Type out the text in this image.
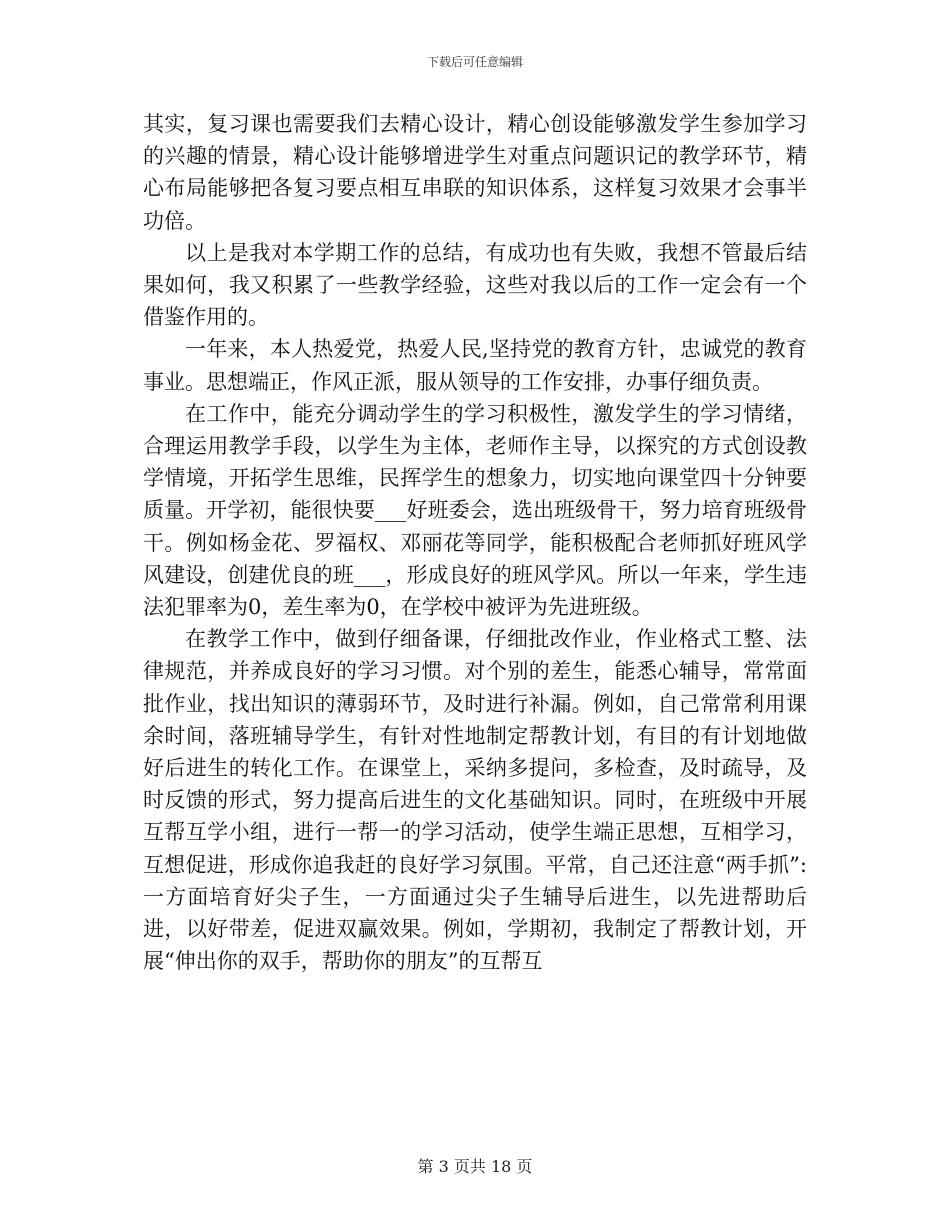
下载后可任意编辑

其实，复习课也需要我们去精心设计，精心创设能够激发学生参加学习的兴趣的情景，精心设计能够增进学生对重点问题识记的教学环节，精心布局能够把各复习要点相互串联的知识体系，这样复习效果才会事半功倍。

以上是我对本学期工作的总结，有成功也有失败，我想不管最后结果如何，我又积累了一些教学经验，这些对我以后的工作一定会有一个借鉴作用的。

一年来，本人热爱党，热爱人民,坚持党的教育方针，忠诚党的教育事业。思想端正，作风正派，服从领导的工作安排，办事仔细负责。

在工作中，能充分调动学生的学习积极性，激发学生的学习情绪，合理运用教学手段，以学生为主体，老师作主导，以探究的方式创设教学情境，开拓学生思维，民挥学生的想象力，切实地向课堂四十分钟要质量。开学初，能很快要___好班委会，选出班级骨干，努力培育班级骨干。例如杨金花、罗福权、邓丽花等同学，能积极配合老师抓好班风学风建设，创建优良的班___，形成良好的班风学风。所以一年来，学生违法犯罪率为0，差生率为0，在学校中被评为先进班级。

在教学工作中，做到仔细备课，仔细批改作业，作业格式工整、法律规范，并养成良好的学习习惯。对个别的差生，能悉心辅导，常常面批作业，找出知识的薄弱环节，及时进行补漏。例如，自己常常利用课余时间，落班辅导学生，有针对性地制定帮教计划，有目的有计划地做好后进生的转化工作。在课堂上，采纳多提问，多检查，及时疏导，及时反馈的形式，努力提高后进生的文化基础知识。同时，在班级中开展互帮互学小组，进行一帮一的学习活动，使学生端正思想，互相学习，互想促进，形成你追我赶的良好学习氛围。平常，自己还注意“两手抓”:一方面培育好尖子生，一方面通过尖子生辅导后进生，以先进帮助后进，以好带差，促进双赢效果。例如，学期初，我制定了帮教计划，开展“伸出你的双手，帮助你的朋友”的互帮互

第 3 页共 18 页
